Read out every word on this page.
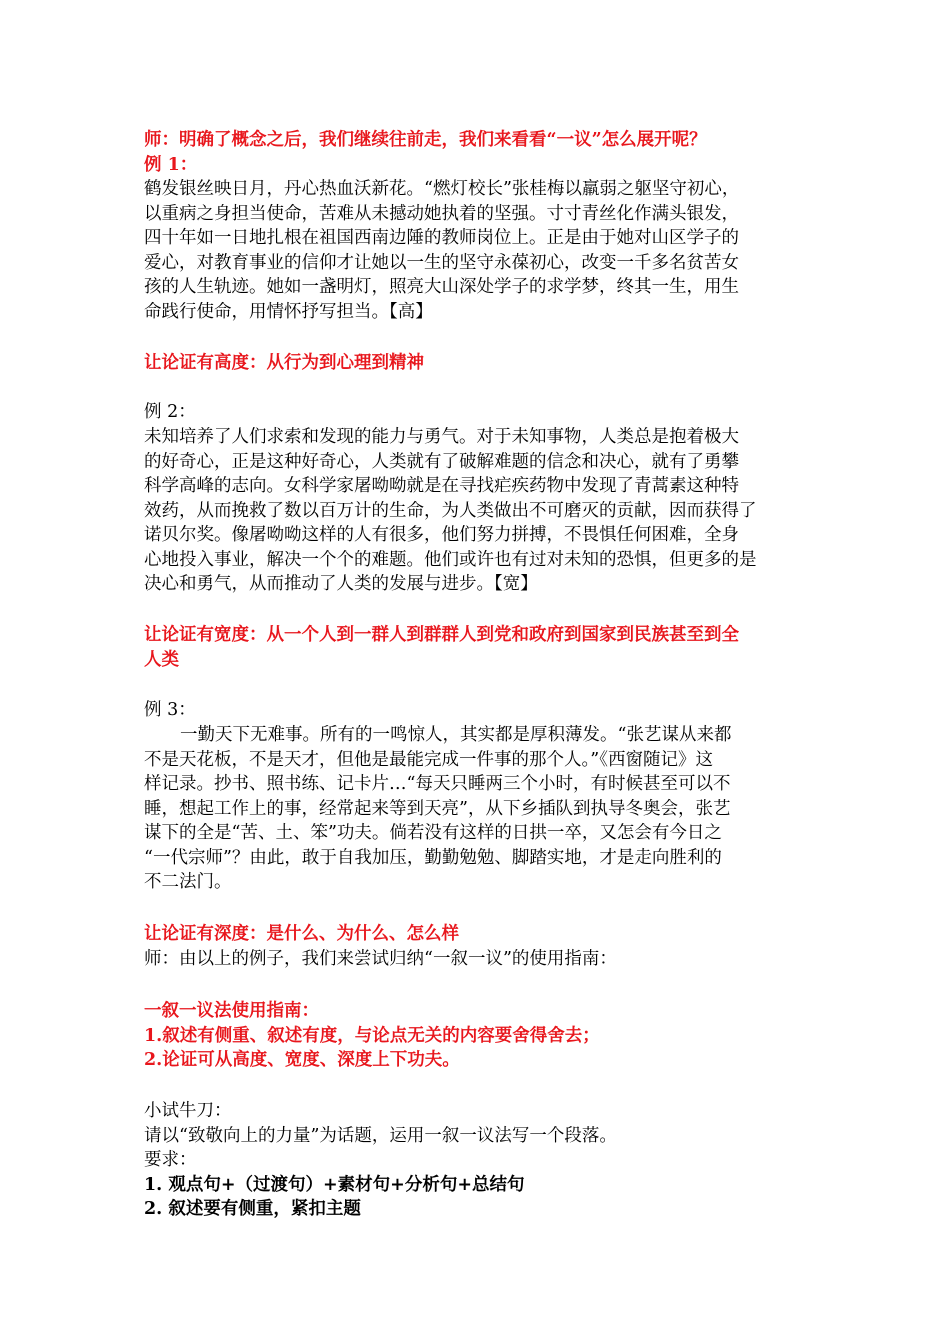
师：明确了概念之后，我们继续往前走，我们来看看“一议”怎么展开呢？
例 1：
鹤发银丝映日月，丹心热血沃新花。“燃灯校长”张桂梅以羸弱之躯坚守初心，
以重病之身担当使命，苦难从未撼动她执着的坚强。寸寸青丝化作满头银发，
四十年如一日地扎根在祖国西南边陲的教师岗位上。正是由于她对山区学子的
爱心，对教育事业的信仰才让她以一生的坚守永葆初心，改变一千多名贫苦女
孩的人生轨迹。她如一盏明灯，照亮大山深处学子的求学梦，终其一生，用生
命践行使命，用情怀抒写担当。【高】
让论证有高度：从行为到心理到精神
例 2：
未知培养了人们求索和发现的能力与勇气。对于未知事物，人类总是抱着极大
的好奇心，正是这种好奇心，人类就有了破解难题的信念和决心，就有了勇攀
科学高峰的志向。女科学家屠呦呦就是在寻找疟疾药物中发现了青蒿素这种特
效药，从而挽救了数以百万计的生命，为人类做出不可磨灭的贡献，因而获得了
诺贝尔奖。像屠呦呦这样的人有很多，他们努力拼搏，不畏惧任何困难，全身
心地投入事业，解决一个个的难题。他们或许也有过对未知的恐惧，但更多的是
决心和勇气，从而推动了人类的发展与进步。【宽】
让论证有宽度：从一个人到一群人到群群人到党和政府到国家到民族甚至到全
人类
例 3：
一勤天下无难事。所有的一鸣惊人，其实都是厚积薄发。“张艺谋从来都
不是天花板，不是天才，但他是最能完成一件事的那个人。”《西窗随记》这
样记录。抄书、照书练、记卡片…“每天只睡两三个小时，有时候甚至可以不
睡，想起工作上的事，经常起来等到天亮”，从下乡插队到执导冬奥会，张艺
谋下的全是“苦、土、笨”功夫。倘若没有这样的日拱一卒，又怎会有今日之
“一代宗师”？由此，敢于自我加压，勤勤勉勉、脚踏实地，才是走向胜利的
不二法门。
让论证有深度：是什么、为什么、怎么样
师：由以上的例子，我们来尝试归纳“一叙一议”的使用指南：
一叙一议法使用指南：
1.叙述有侧重、叙述有度，与论点无关的内容要舍得舍去；
2.论证可从高度、宽度、深度上下功夫。
小试牛刀：
请以“致敬向上的力量”为话题，运用一叙一议法写一个段落。
要求：
1. 观点句+（过渡句）+素材句+分析句+总结句
2. 叙述要有侧重，紧扣主题
